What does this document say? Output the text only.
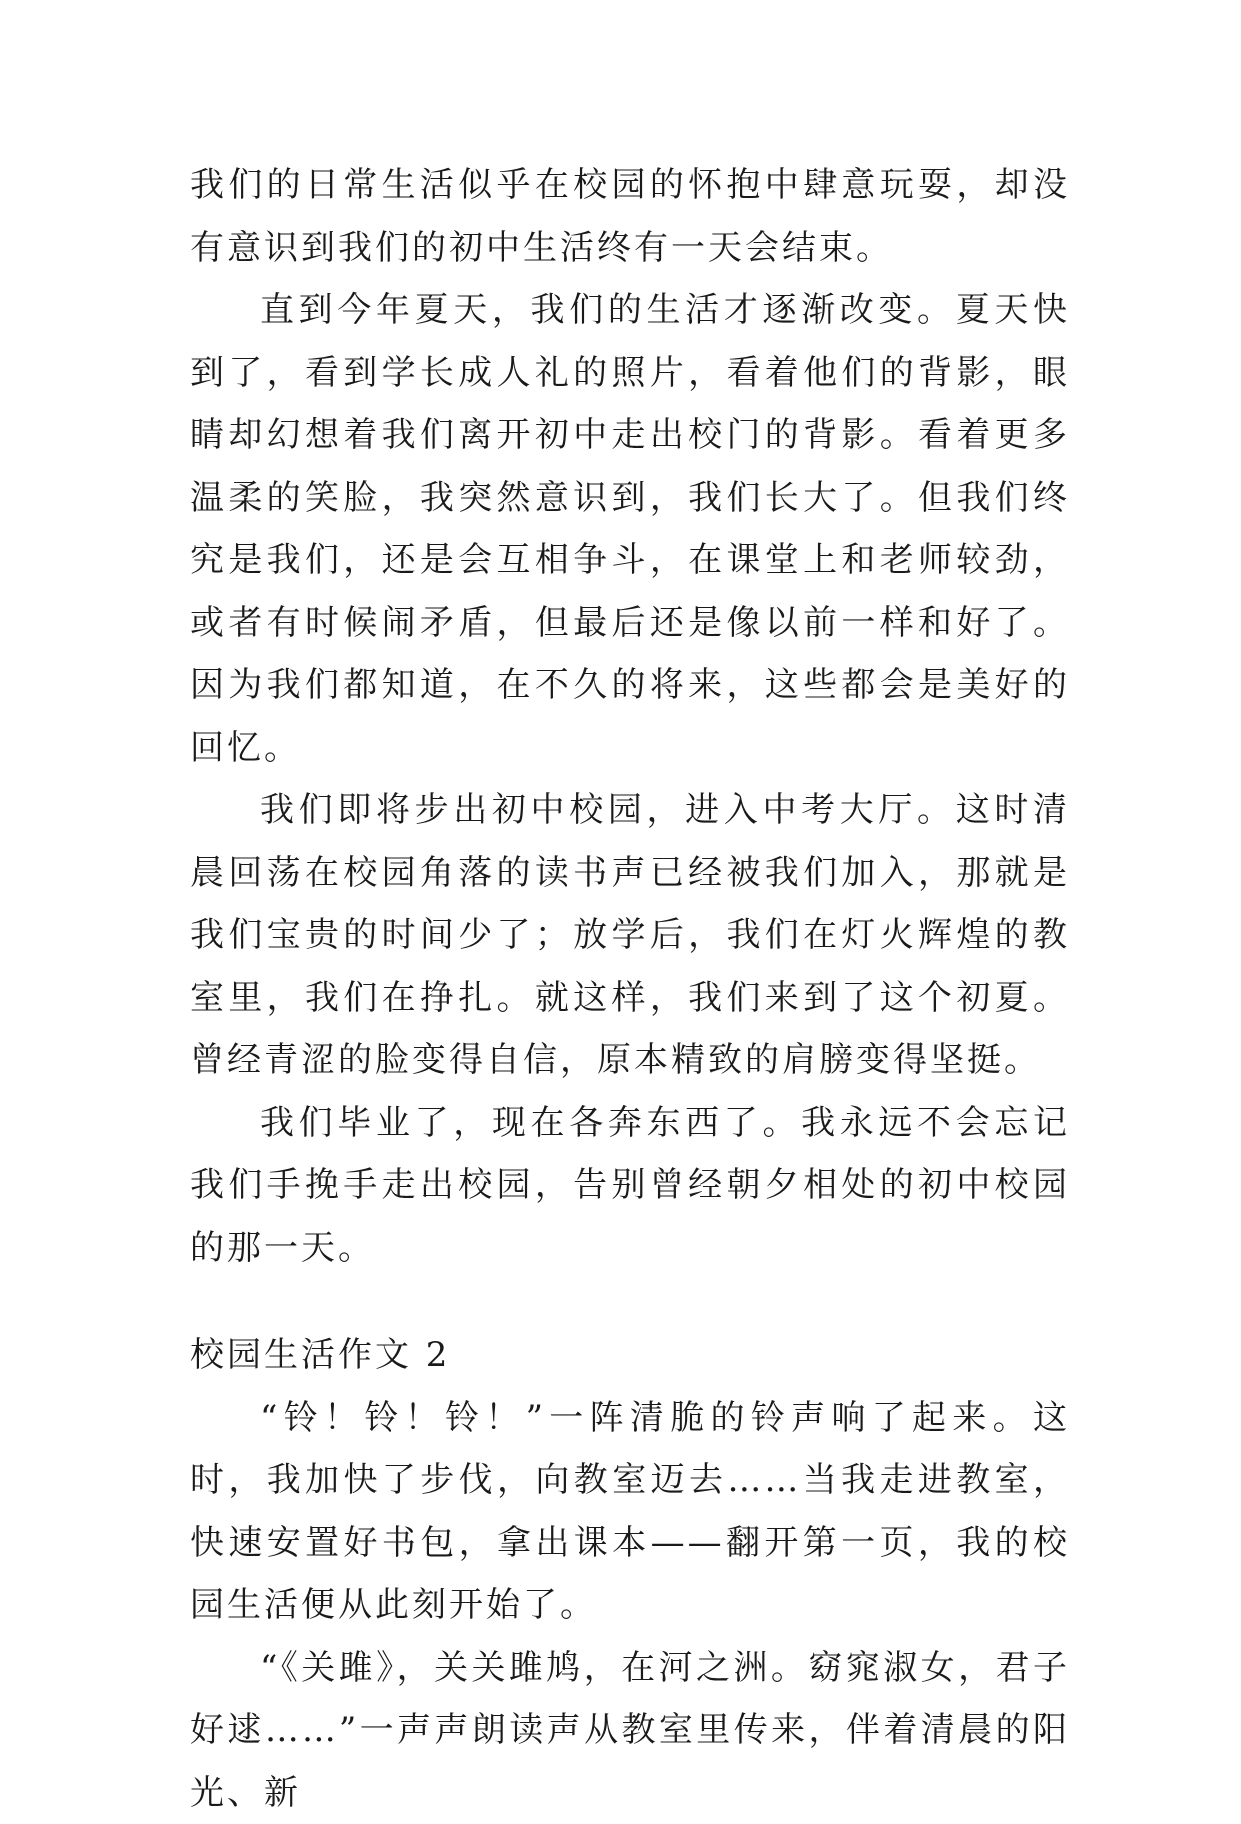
我们的日常生活似乎在校园的怀抱中肆意玩耍，却没有意识到我们的初中生活终有一天会结束。

直到今年夏天，我们的生活才逐渐改变。夏天快到了，看到学长成人礼的照片，看着他们的背影，眼睛却幻想着我们离开初中走出校门的背影。看着更多温柔的笑脸，我突然意识到，我们长大了。但我们终究是我们，还是会互相争斗，在课堂上和老师较劲，或者有时候闹矛盾，但最后还是像以前一样和好了。因为我们都知道，在不久的将来，这些都会是美好的回忆。

我们即将步出初中校园，进入中考大厅。这时清晨回荡在校园角落的读书声已经被我们加入，那就是我们宝贵的时间少了；放学后，我们在灯火辉煌的教室里，我们在挣扎。就这样，我们来到了这个初夏。曾经青涩的脸变得自信，原本精致的肩膀变得坚挺。

我们毕业了，现在各奔东西了。我永远不会忘记我们手挽手走出校园，告别曾经朝夕相处的初中校园的那一天。

校园生活作文 2

“铃！铃！铃！”一阵清脆的铃声响了起来。这时，我加快了步伐，向教室迈去……当我走进教室，快速安置好书包，拿出课本——翻开第一页，我的校园生活便从此刻开始了。

“《关雎》，关关雎鸠，在河之洲。窈窕淑女，君子好逑……”一声声朗读声从教室里传来，伴着清晨的阳光、新
